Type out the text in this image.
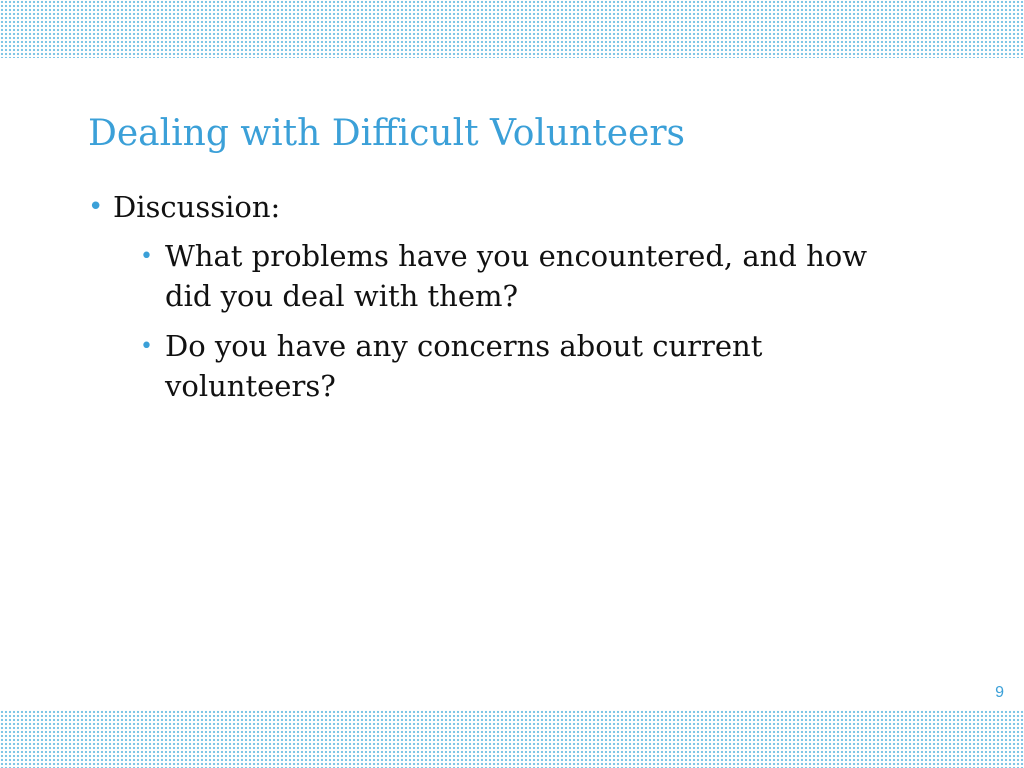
Dealing with Difficult Volunteers
• Discussion:
• What problems have you encountered, and how did you deal with them?
• Do you have any concerns about current volunteers?
9
